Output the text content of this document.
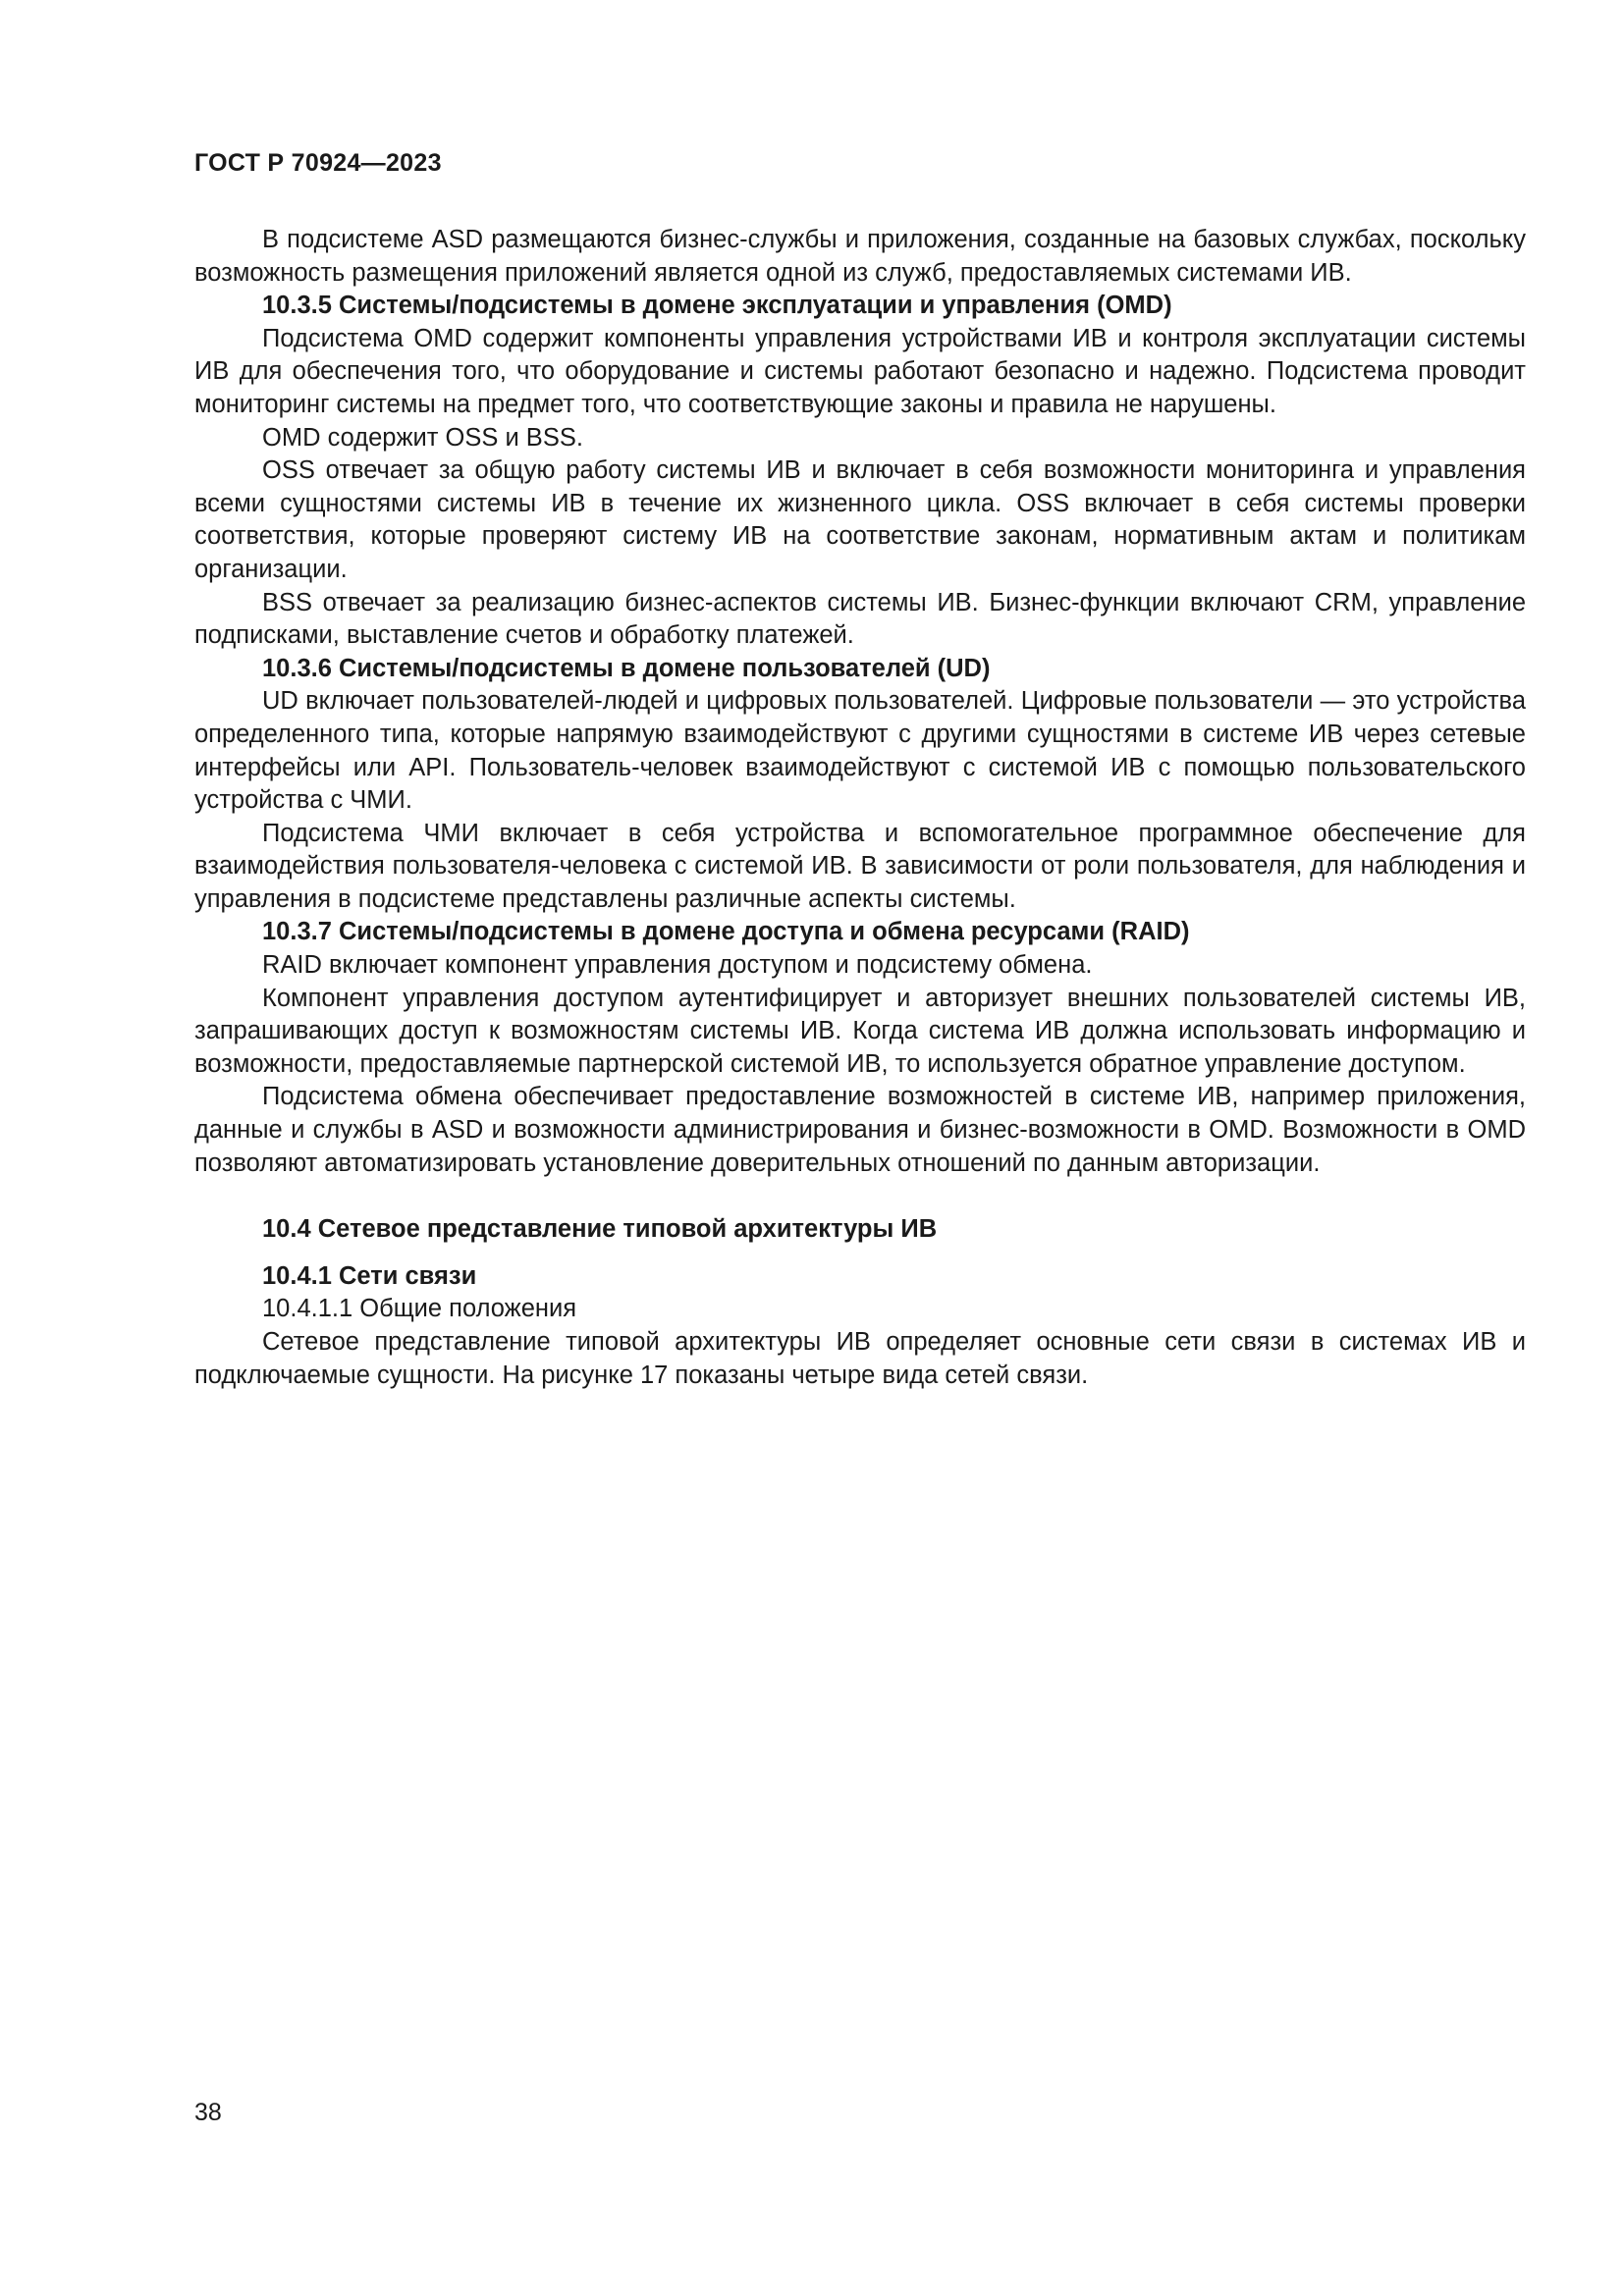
ГОСТ Р 70924—2023

В подсистеме ASD размещаются бизнес-службы и приложения, созданные на базовых службах, поскольку возможность размещения приложений является одной из служб, предоставляемых системами ИВ.

10.3.5 Системы/подсистемы в домене эксплуатации и управления (OMD)

Подсистема OMD содержит компоненты управления устройствами ИВ и контроля эксплуатации системы ИВ для обеспечения того, что оборудование и системы работают безопасно и надежно. Подсистема проводит мониторинг системы на предмет того, что соответствующие законы и правила не нарушены.

OMD содержит OSS и BSS.

OSS отвечает за общую работу системы ИВ и включает в себя возможности мониторинга и управления всеми сущностями системы ИВ в течение их жизненного цикла. OSS включает в себя системы проверки соответствия, которые проверяют систему ИВ на соответствие законам, нормативным актам и политикам организации.

BSS отвечает за реализацию бизнес-аспектов системы ИВ. Бизнес-функции включают CRM, управление подписками, выставление счетов и обработку платежей.

10.3.6 Системы/подсистемы в домене пользователей (UD)

UD включает пользователей-людей и цифровых пользователей. Цифровые пользователи — это устройства определенного типа, которые напрямую взаимодействуют с другими сущностями в системе ИВ через сетевые интерфейсы или API. Пользователь-человек взаимодействуют с системой ИВ с помощью пользовательского устройства с ЧМИ.

Подсистема ЧМИ включает в себя устройства и вспомогательное программное обеспечение для взаимодействия пользователя-человека с системой ИВ. В зависимости от роли пользователя, для наблюдения и управления в подсистеме представлены различные аспекты системы.

10.3.7 Системы/подсистемы в домене доступа и обмена ресурсами (RAID)

RAID включает компонент управления доступом и подсистему обмена.

Компонент управления доступом аутентифицирует и авторизует внешних пользователей системы ИВ, запрашивающих доступ к возможностям системы ИВ. Когда система ИВ должна использовать информацию и возможности, предоставляемые партнерской системой ИВ, то используется обратное управление доступом.

Подсистема обмена обеспечивает предоставление возможностей в системе ИВ, например приложения, данные и службы в ASD и возможности администрирования и бизнес-возможности в OMD. Возможности в OMD позволяют автоматизировать установление доверительных отношений по данным авторизации.

10.4 Сетевое представление типовой архитектуры ИВ

10.4.1 Сети связи

10.4.1.1 Общие положения

Сетевое представление типовой архитектуры ИВ определяет основные сети связи в системах ИВ и подключаемые сущности. На рисунке 17 показаны четыре вида сетей связи.

38
